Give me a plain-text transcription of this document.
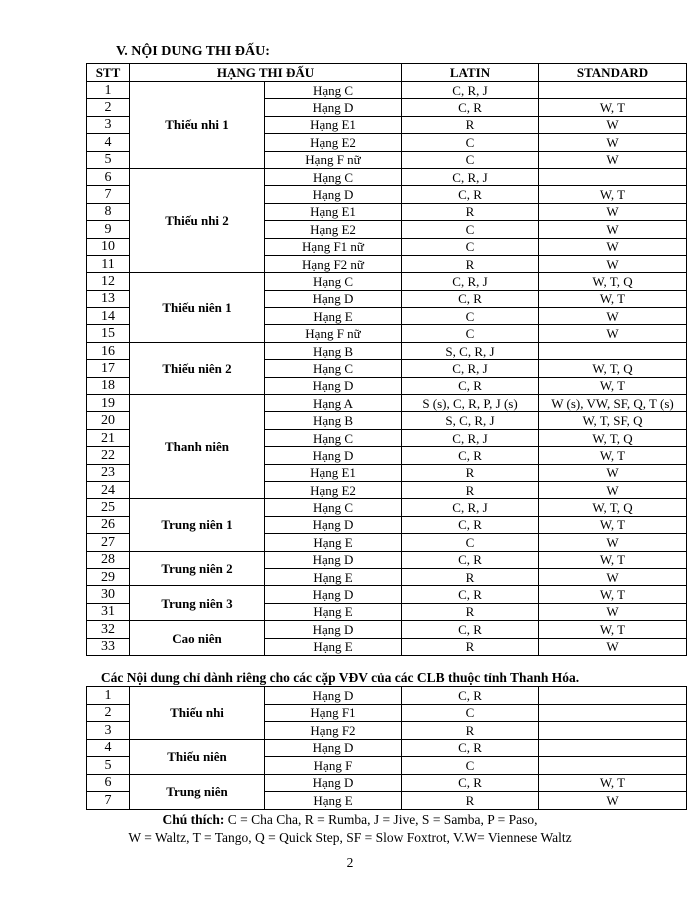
V. NỘI DUNG THI ĐẤU:
STT	HẠNG THI ĐẤU		LATIN	STANDARD
1	Thiếu nhi 1	Hạng C	C, R, J	
2		Hạng D	C, R	W, T
3		Hạng E1	R	W
4		Hạng E2	C	W
5		Hạng F nữ	C	W
6	Thiếu nhi 2	Hạng C	C, R, J	
7		Hạng D	C, R	W, T
8		Hạng E1	R	W
9		Hạng E2	C	W
10		Hạng F1 nữ	C	W
11		Hạng F2 nữ	R	W
12	Thiếu niên 1	Hạng C	C, R, J	W, T, Q
13		Hạng D	C, R	W, T
14		Hạng E	C	W
15		Hạng F nữ	C	W
16	Thiếu niên 2	Hạng B	S, C, R, J	
17		Hạng C	C, R, J	W, T, Q
18		Hạng D	C, R	W, T
19	Thanh niên	Hạng A	S (s), C, R, P, J (s)	W (s), VW, SF, Q, T (s)
20		Hạng B	S, C, R, J	W, T, SF, Q
21		Hạng C	C, R, J	W, T, Q
22		Hạng D	C, R	W, T
23		Hạng E1	R	W
24		Hạng E2	R	W
25	Trung niên 1	Hạng C	C, R, J	W, T, Q
26		Hạng D	C, R	W, T
27		Hạng E	C	W
28	Trung niên 2	Hạng D	C, R	W, T
29		Hạng E	R	W
30	Trung niên 3	Hạng D	C, R	W, T
31		Hạng E	R	W
32	Cao niên	Hạng D	C, R	W, T
33		Hạng E	R	W
Các Nội dung chỉ dành riêng cho các cặp VĐV của các CLB thuộc tỉnh Thanh Hóa.
1	Thiếu nhi	Hạng D	C, R	
2		Hạng F1	C	
3		Hạng F2	R	
4	Thiếu niên	Hạng D	C, R	
5		Hạng F	C	
6	Trung niên	Hạng D	C, R	W, T
7		Hạng E	R	W
Chú thích: C = Cha Cha, R = Rumba, J = Jive, S = Samba, P = Paso,
W = Waltz, T = Tango, Q = Quick Step, SF = Slow Foxtrot, V.W= Viennese Waltz
2
